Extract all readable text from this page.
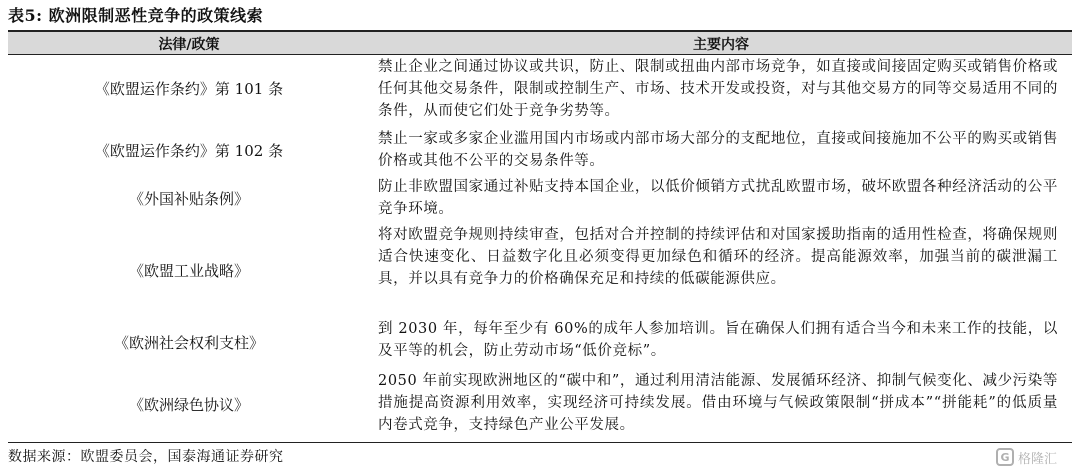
表5: 欧洲限制恶性竞争的政策线索
法律/政策	主要内容
《欧盟运作条约》第 101 条
禁止企业之间通过协议或共识，防止、限制或扭曲内部市场竞争，如直接或间接固定购买或销售价格或任何其他交易条件，限制或控制生产、市场、技术开发或投资，对与其他交易方的同等交易适用不同的条件，从而使它们处于竞争劣势等。
《欧盟运作条约》第 102 条
禁止一家或多家企业滥用国内市场或内部市场大部分的支配地位，直接或间接施加不公平的购买或销售价格或其他不公平的交易条件等。
《外国补贴条例》
防止非欧盟国家通过补贴支持本国企业，以低价倾销方式扰乱欧盟市场，破坏欧盟各种经济活动的公平竞争环境。
《欧盟工业战略》
将对欧盟竞争规则持续审查，包括对合并控制的持续评估和对国家援助指南的适用性检查，将确保规则适合快速变化、日益数字化且必须变得更加绿色和循环的经济。提高能源效率，加强当前的碳泄漏工具，并以具有竞争力的价格确保充足和持续的低碳能源供应。
《欧洲社会权利支柱》
到 2030 年，每年至少有 60%的成年人参加培训。旨在确保人们拥有适合当今和未来工作的技能，以及平等的机会，防止劳动市场“低价竞标”。
《欧洲绿色协议》
2050 年前实现欧洲地区的“碳中和”，通过利用清洁能源、发展循环经济、抑制气候变化、减少污染等措施提高资源利用效率，实现经济可持续发展。借由环境与气候政策限制“拼成本”“拼能耗”的低质量内卷式竞争，支持绿色产业公平发展。
数据来源：欧盟委员会，国泰海通证券研究	G 格隆汇
